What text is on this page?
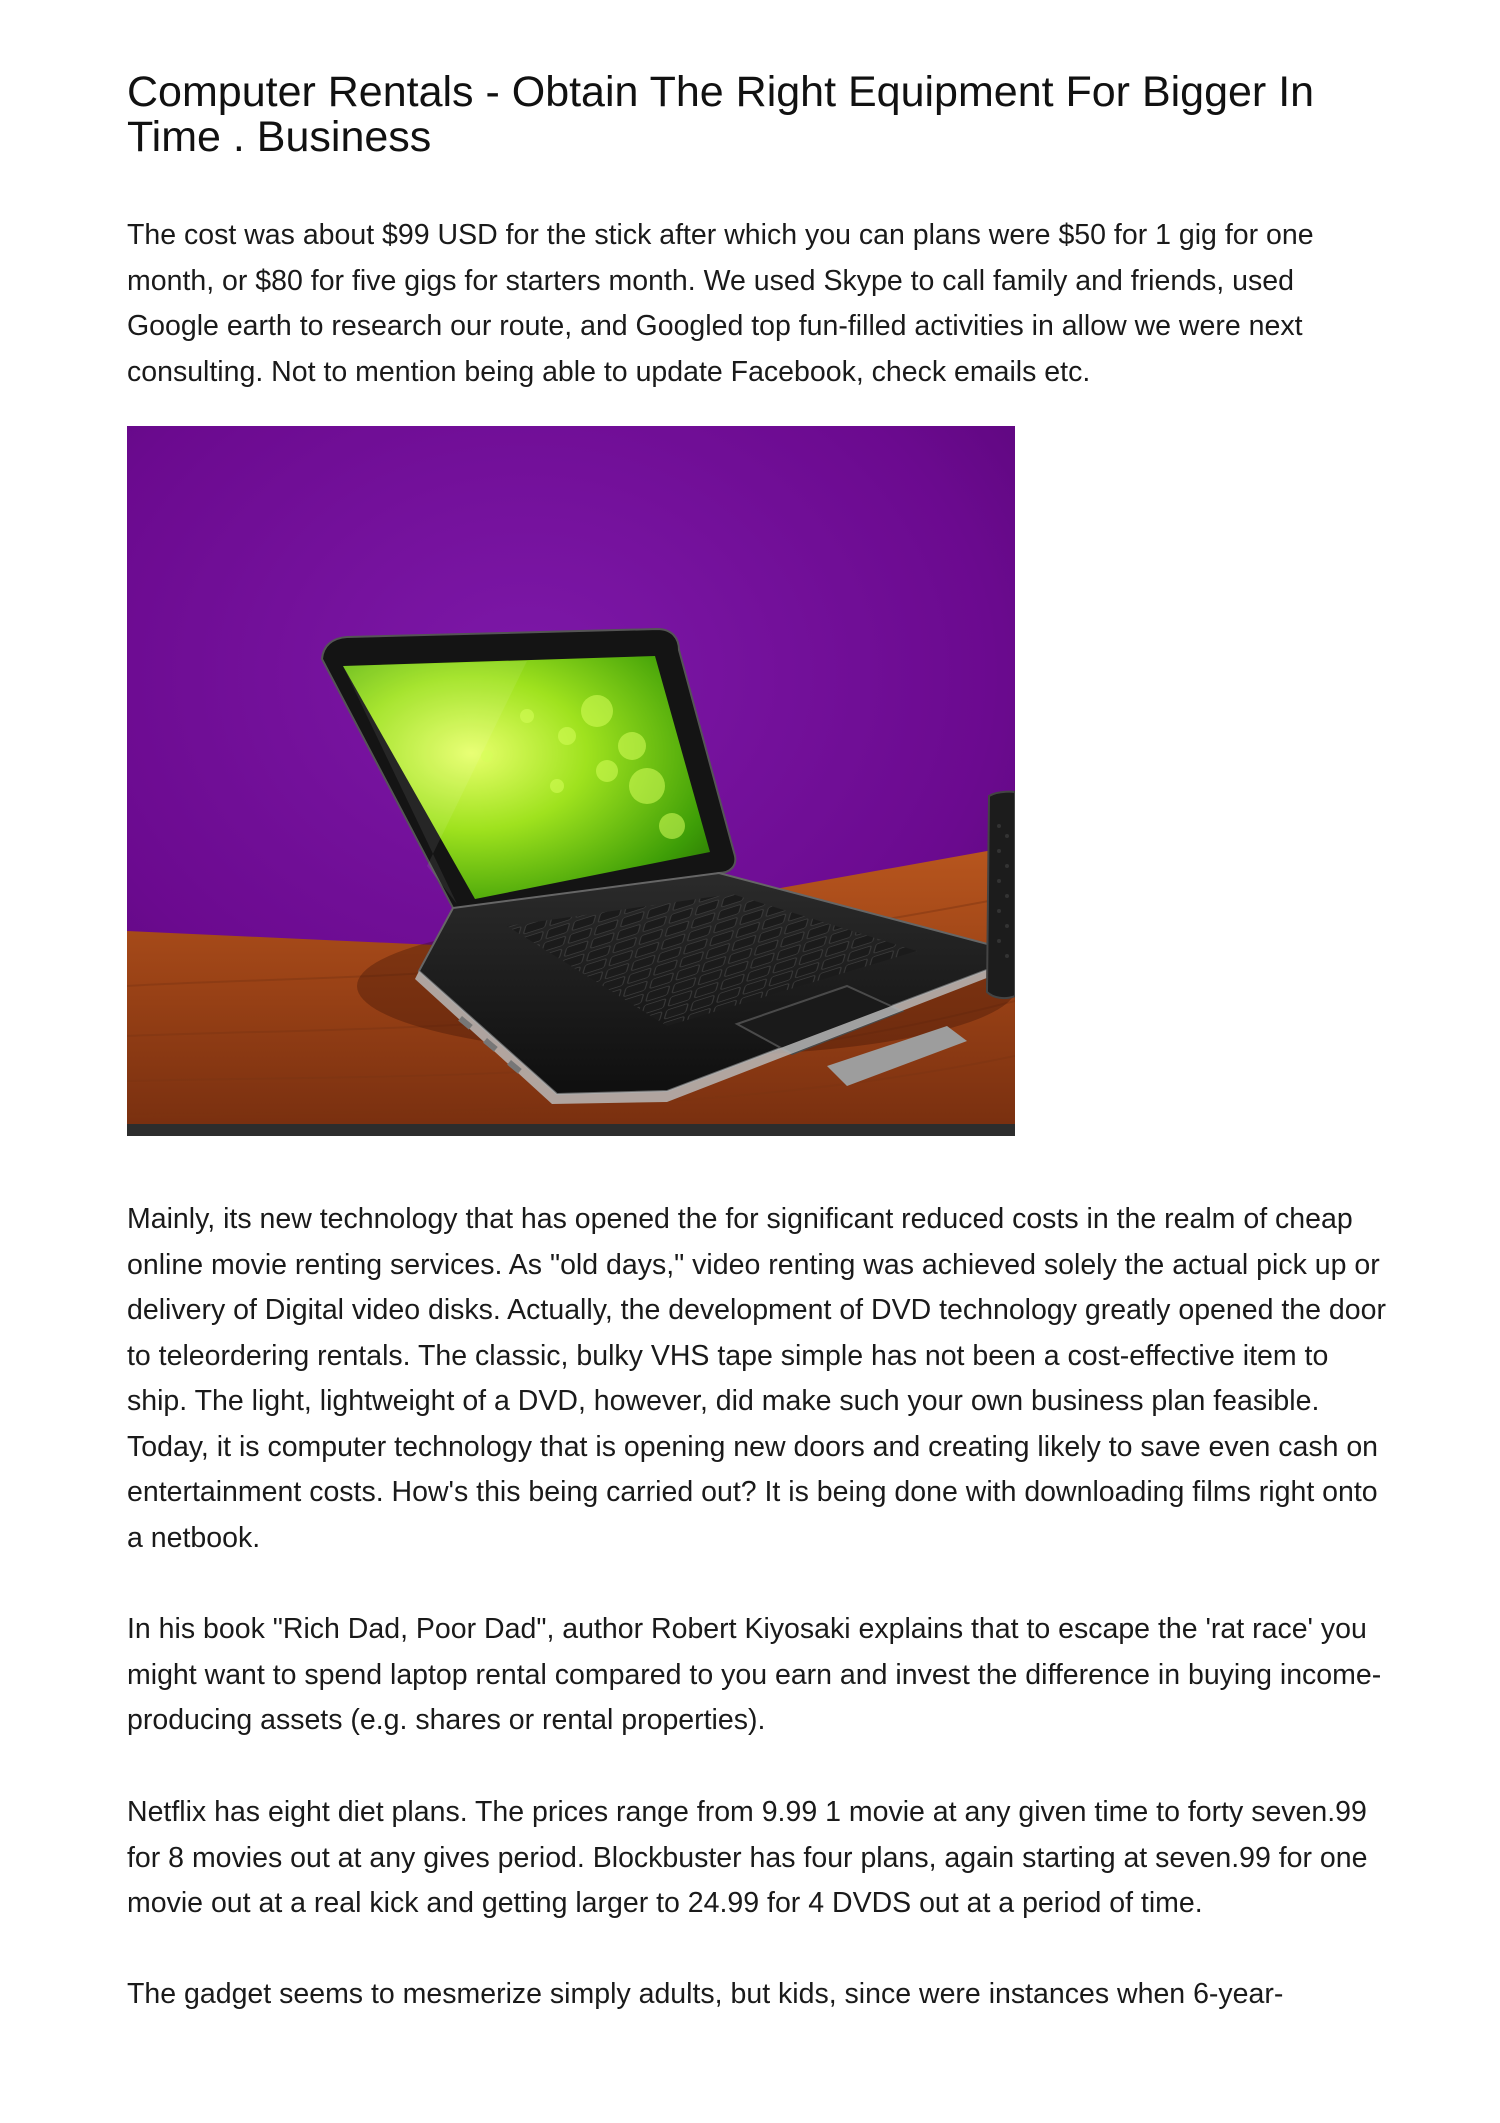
Computer Rentals - Obtain The Right Equipment For Bigger In Time . Business

The cost was about $99 USD for the stick after which you can plans were $50 for 1 gig for one month, or $80 for five gigs for starters month. We used Skype to call family and friends, used Google earth to research our route, and Googled top fun-filled activities in allow we were next consulting. Not to mention being able to update Facebook, check emails etc.

Mainly, its new technology that has opened the for significant reduced costs in the realm of cheap online movie renting services. As "old days," video renting was achieved solely the actual pick up or delivery of Digital video disks. Actually, the development of DVD technology greatly opened the door to teleordering rentals. The classic, bulky VHS tape simple has not been a cost-effective item to ship. The light, lightweight of a DVD, however, did make such your own business plan feasible. Today, it is computer technology that is opening new doors and creating likely to save even cash on entertainment costs. How's this being carried out? It is being done with downloading films right onto a netbook.

In his book "Rich Dad, Poor Dad", author Robert Kiyosaki explains that to escape the 'rat race' you might want to spend laptop rental compared to you earn and invest the difference in buying income-producing assets (e.g. shares or rental properties).

Netflix has eight diet plans. The prices range from 9.99 1 movie at any given time to forty seven.99 for 8 movies out at any gives period. Blockbuster has four plans, again starting at seven.99 for one movie out at a real kick and getting larger to 24.99 for 4 DVDS out at a period of time.

The gadget seems to mesmerize simply adults, but kids, since were instances when 6-year-
